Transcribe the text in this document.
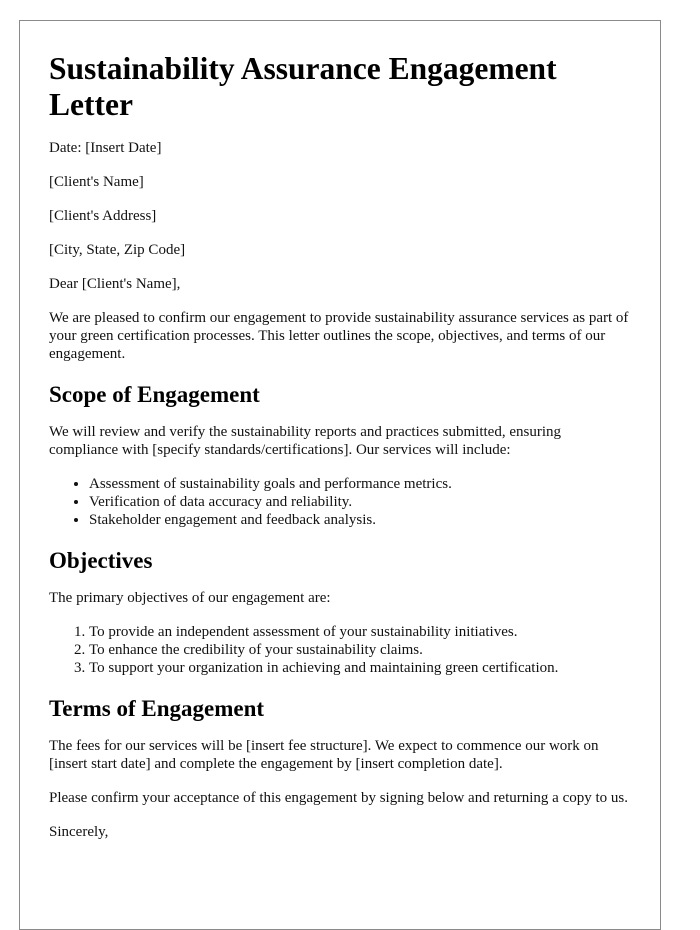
Sustainability Assurance Engagement Letter

Date: [Insert Date]

[Client's Name]

[Client's Address]

[City, State, Zip Code]

Dear [Client's Name],

We are pleased to confirm our engagement to provide sustainability assurance services as part of your green certification processes. This letter outlines the scope, objectives, and terms of our engagement.

Scope of Engagement

We will review and verify the sustainability reports and practices submitted, ensuring compliance with [specify standards/certifications]. Our services will include:

• Assessment of sustainability goals and performance metrics.
• Verification of data accuracy and reliability.
• Stakeholder engagement and feedback analysis.
Objectives

The primary objectives of our engagement are:

1. To provide an independent assessment of your sustainability initiatives.
2. To enhance the credibility of your sustainability claims.
3. To support your organization in achieving and maintaining green certification.
Terms of Engagement

The fees for our services will be [insert fee structure]. We expect to commence our work on [insert start date] and complete the engagement by [insert completion date].

Please confirm your acceptance of this engagement by signing below and returning a copy to us.

Sincerely,
